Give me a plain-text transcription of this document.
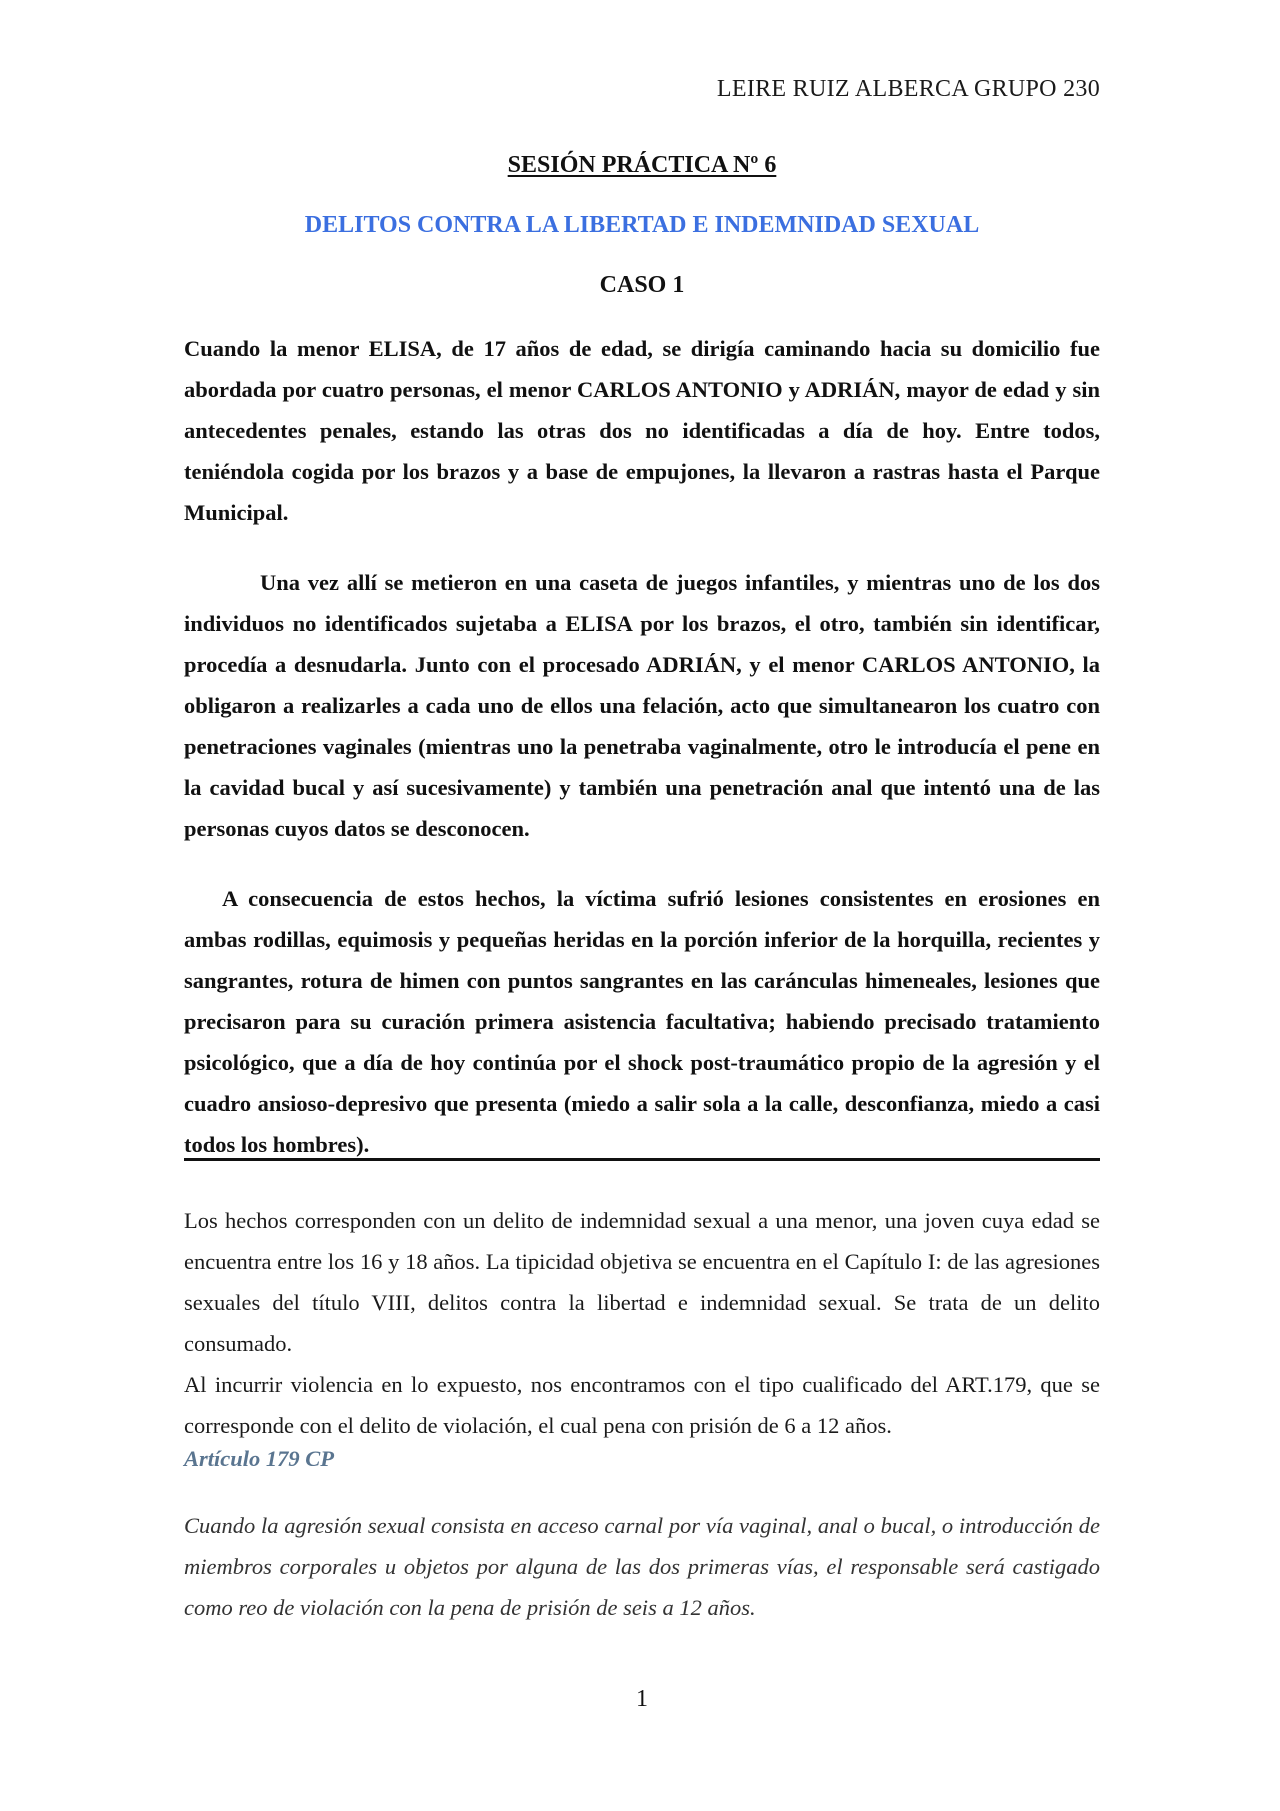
LEIRE RUIZ ALBERCA GRUPO 230
SESIÓN PRÁCTICA Nº 6
DELITOS CONTRA LA LIBERTAD E INDEMNIDAD SEXUAL
CASO 1

Cuando la menor ELISA, de 17 años de edad, se dirigía caminando hacia su domicilio fue abordada por cuatro personas, el menor CARLOS ANTONIO y ADRIÁN, mayor de edad y sin antecedentes penales, estando las otras dos no identificadas a día de hoy. Entre todos, teniéndola cogida por los brazos y a base de empujones, la llevaron a rastras hasta el Parque Municipal.

Una vez allí se metieron en una caseta de juegos infantiles, y mientras uno de los dos individuos no identificados sujetaba a ELISA por los brazos, el otro, también sin identificar, procedía a desnudarla. Junto con el procesado ADRIÁN, y el menor CARLOS ANTONIO, la obligaron a realizarles a cada uno de ellos una felación, acto que simultanearon los cuatro con penetraciones vaginales (mientras uno la penetraba vaginalmente, otro le introducía el pene en la cavidad bucal y así sucesivamente) y también una penetración anal que intentó una de las personas cuyos datos se desconocen.

A consecuencia de estos hechos, la víctima sufrió lesiones consistentes en erosiones en ambas rodillas, equimosis y pequeñas heridas en la porción inferior de la horquilla, recientes y sangrantes, rotura de himen con puntos sangrantes en las caránculas himeneales, lesiones que precisaron para su curación primera asistencia facultativa; habiendo precisado tratamiento psicológico, que a día de hoy continúa por el shock post-traumático propio de la agresión y el cuadro ansioso-depresivo que presenta (miedo a salir sola a la calle, desconfianza, miedo a casi todos los hombres).

Los hechos corresponden con un delito de indemnidad sexual a una menor, una joven cuya edad se encuentra entre los 16 y 18 años. La tipicidad objetiva se encuentra en el Capítulo I: de las agresiones sexuales del título VIII, delitos contra la libertad e indemnidad sexual. Se trata de un delito consumado.

Al incurrir violencia en lo expuesto, nos encontramos con el tipo cualificado del ART.179, que se corresponde con el delito de violación, el cual pena con prisión de 6 a 12 años.

Artículo 179 CP
Cuando la agresión sexual consista en acceso carnal por vía vaginal, anal o bucal, o introducción de miembros corporales u objetos por alguna de las dos primeras vías, el responsable será castigado como reo de violación con la pena de prisión de seis a 12 años.
1
